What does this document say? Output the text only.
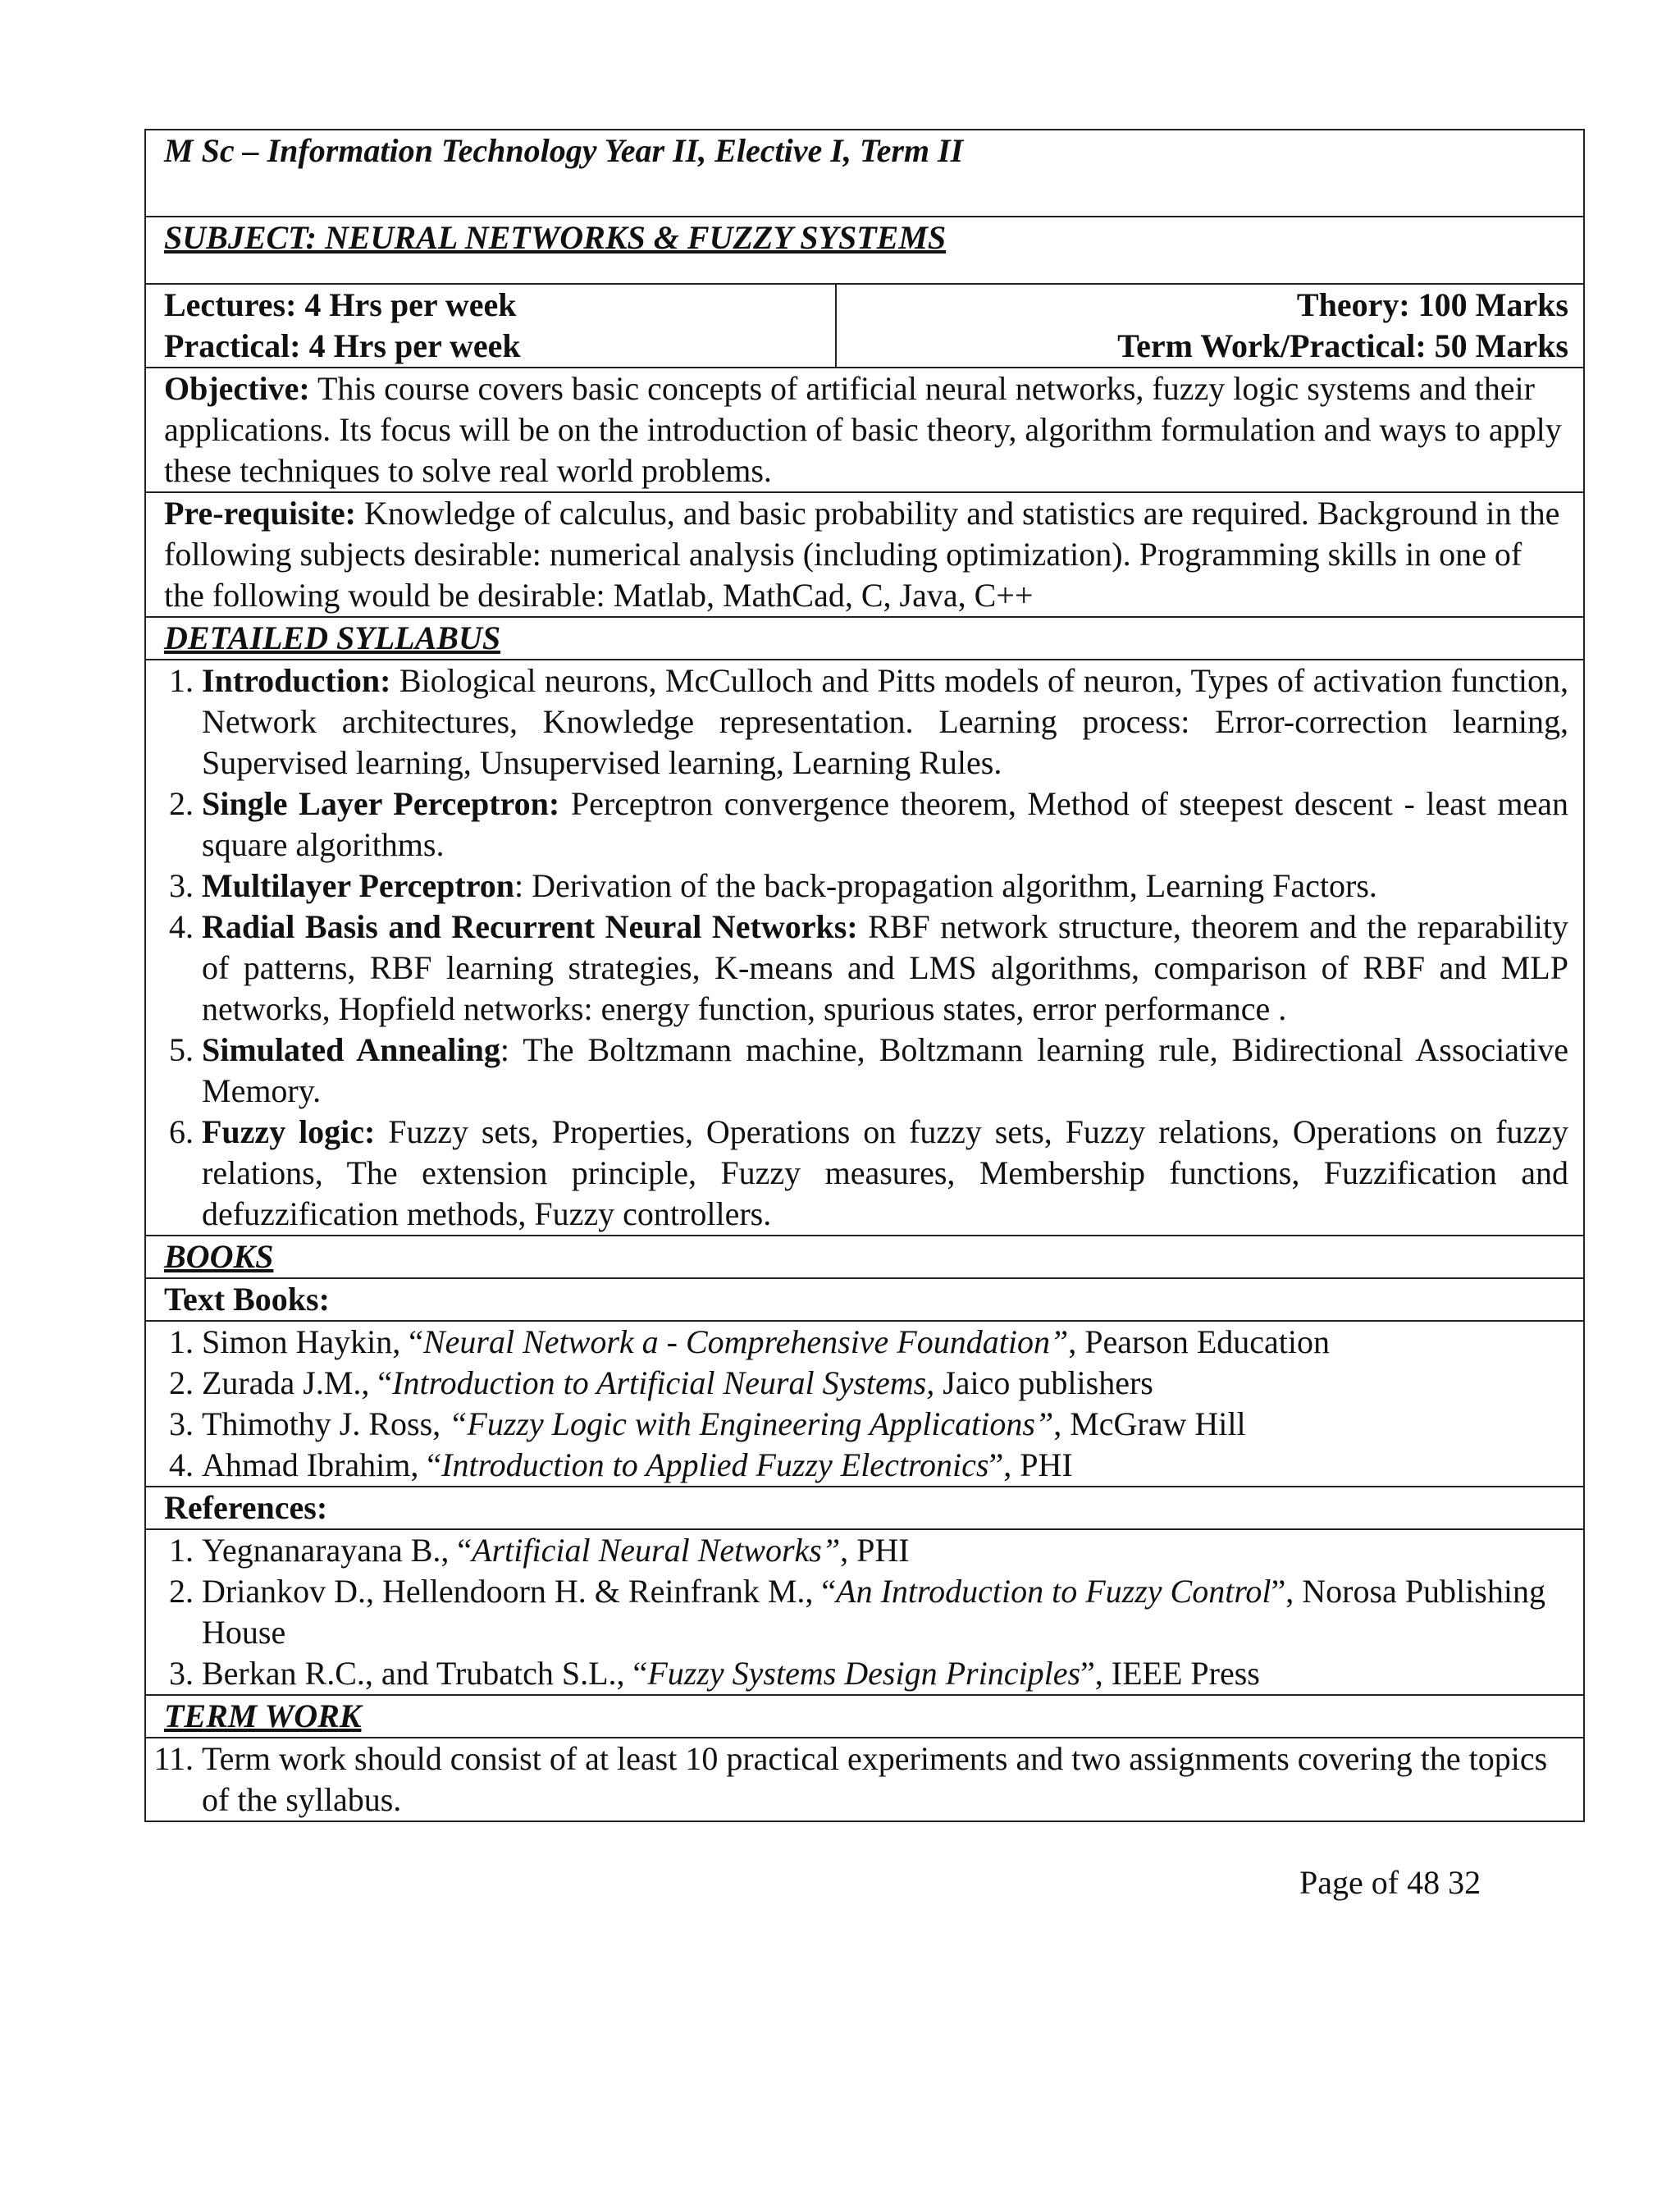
M Sc – Information Technology Year II, Elective I, Term II
SUBJECT: NEURAL NETWORKS & FUZZY SYSTEMS

Lectures: 4 Hrs per week
Practical: 4 Hrs per week

Theory: 100 Marks
Term Work/Practical: 50 Marks

Objective: This course covers basic concepts of artificial neural networks, fuzzy logic systems and their applications. Its focus will be on the introduction of basic theory, algorithm formulation and ways to apply these techniques to solve real world problems.
Pre-requisite: Knowledge of calculus, and basic probability and statistics are required. Background in the following subjects desirable: numerical analysis (including optimization). Programming skills in one of the following would be desirable: Matlab, MathCad, C, Java, C++
DETAILED SYLLABUS

1. Introduction: Biological neurons, McCulloch and Pitts models of neuron, Types of activation function, Network architectures, Knowledge representation. Learning process: Error-correction learning, Supervised learning, Unsupervised learning, Learning Rules.
2. Single Layer Perceptron: Perceptron convergence theorem, Method of steepest descent - least mean square algorithms.
3. Multilayer Perceptron: Derivation of the back-propagation algorithm, Learning Factors.
4. Radial Basis and Recurrent Neural Networks: RBF network structure, theorem and the reparability of patterns, RBF learning strategies, K-means and LMS algorithms, comparison of RBF and MLP networks, Hopfield networks: energy function, spurious states, error performance .
5. Simulated Annealing: The Boltzmann machine, Boltzmann learning rule, Bidirectional Associative Memory.
6. Fuzzy logic: Fuzzy sets, Properties, Operations on fuzzy sets, Fuzzy relations, Operations on fuzzy relations, The extension principle, Fuzzy measures, Membership functions, Fuzzification and defuzzification methods, Fuzzy controllers.

BOOKS
Text Books:

1. Simon Haykin, “Neural Network a - Comprehensive Foundation”, Pearson Education
2. Zurada J.M., “Introduction to Artificial Neural Systems, Jaico publishers
3. Thimothy J. Ross, “Fuzzy Logic with Engineering Applications”, McGraw Hill
4. Ahmad Ibrahim, “Introduction to Applied Fuzzy Electronics”, PHI

References:

1. Yegnanarayana B., “Artificial Neural Networks”, PHI
2. Driankov D., Hellendoorn H. & Reinfrank M., “An Introduction to Fuzzy Control”, Norosa Publishing House
3. Berkan R.C., and Trubatch S.L., “Fuzzy Systems Design Principles”, IEEE Press

TERM WORK

11. Term work should consist of at least 10 practical experiments and two assignments covering the topics of the syllabus.
Page of 48 32
